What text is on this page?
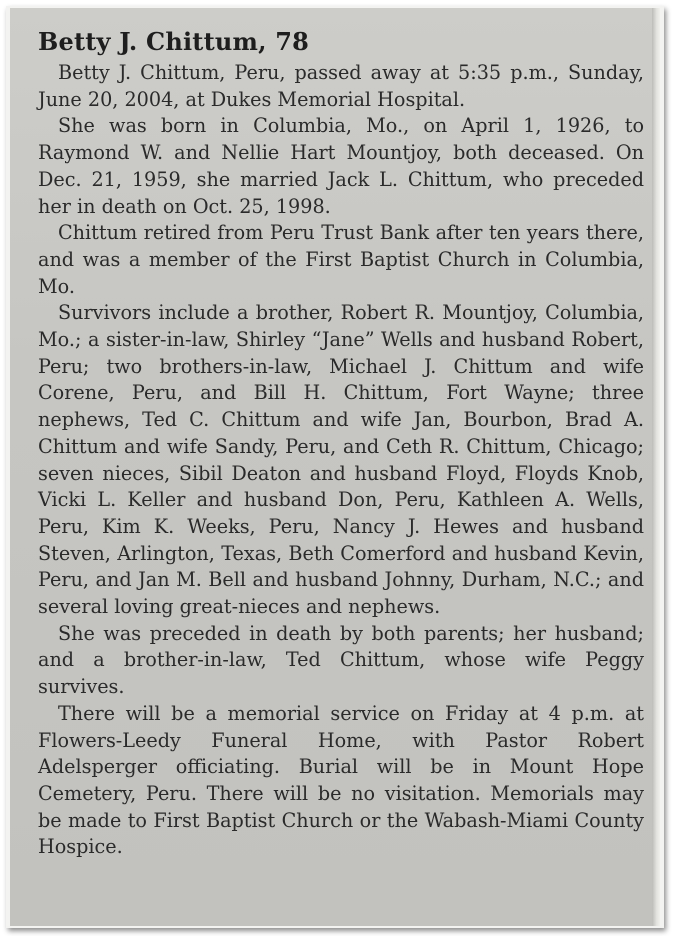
Betty J. Chittum, 78

Betty J. Chittum, Peru, passed away at 5:35 p.m., Sunday, June 20, 2004, at Dukes Memorial Hospital.

She was born in Columbia, Mo., on April 1, 1926, to Raymond W. and Nellie Hart Mountjoy, both deceased. On Dec. 21, 1959, she married Jack L. Chittum, who preceded her in death on Oct. 25, 1998.

Chittum retired from Peru Trust Bank after ten years there, and was a member of the First Baptist Church in Columbia, Mo.

Survivors include a brother, Robert R. Mountjoy, Columbia, Mo.; a sister-in-law, Shirley “Jane” Wells and husband Robert, Peru; two brothers-in-law, Michael J. Chittum and wife Corene, Peru, and Bill H. Chittum, Fort Wayne; three nephews, Ted C. Chittum and wife Jan, Bourbon, Brad A. Chittum and wife Sandy, Peru, and Ceth R. Chittum, Chicago; seven nieces, Sibil Deaton and husband Floyd, Floyds Knob, Vicki L. Keller and husband Don, Peru, Kathleen A. Wells, Peru, Kim K. Weeks, Peru, Nancy J. Hewes and husband Steven, Arlington, Texas, Beth Comerford and husband Kevin, Peru, and Jan M. Bell and husband Johnny, Durham, N.C.; and several loving great-nieces and nephews.

She was preceded in death by both parents; her husband; and a brother-in-law, Ted Chittum, whose wife Peggy survives.

There will be a memorial service on Friday at 4 p.m. at Flowers-Leedy Funeral Home, with Pastor Robert Adelsperger officiating. Burial will be in Mount Hope Cemetery, Peru. There will be no visitation. Memorials may be made to First Baptist Church or the Wabash-Miami County Hospice.
